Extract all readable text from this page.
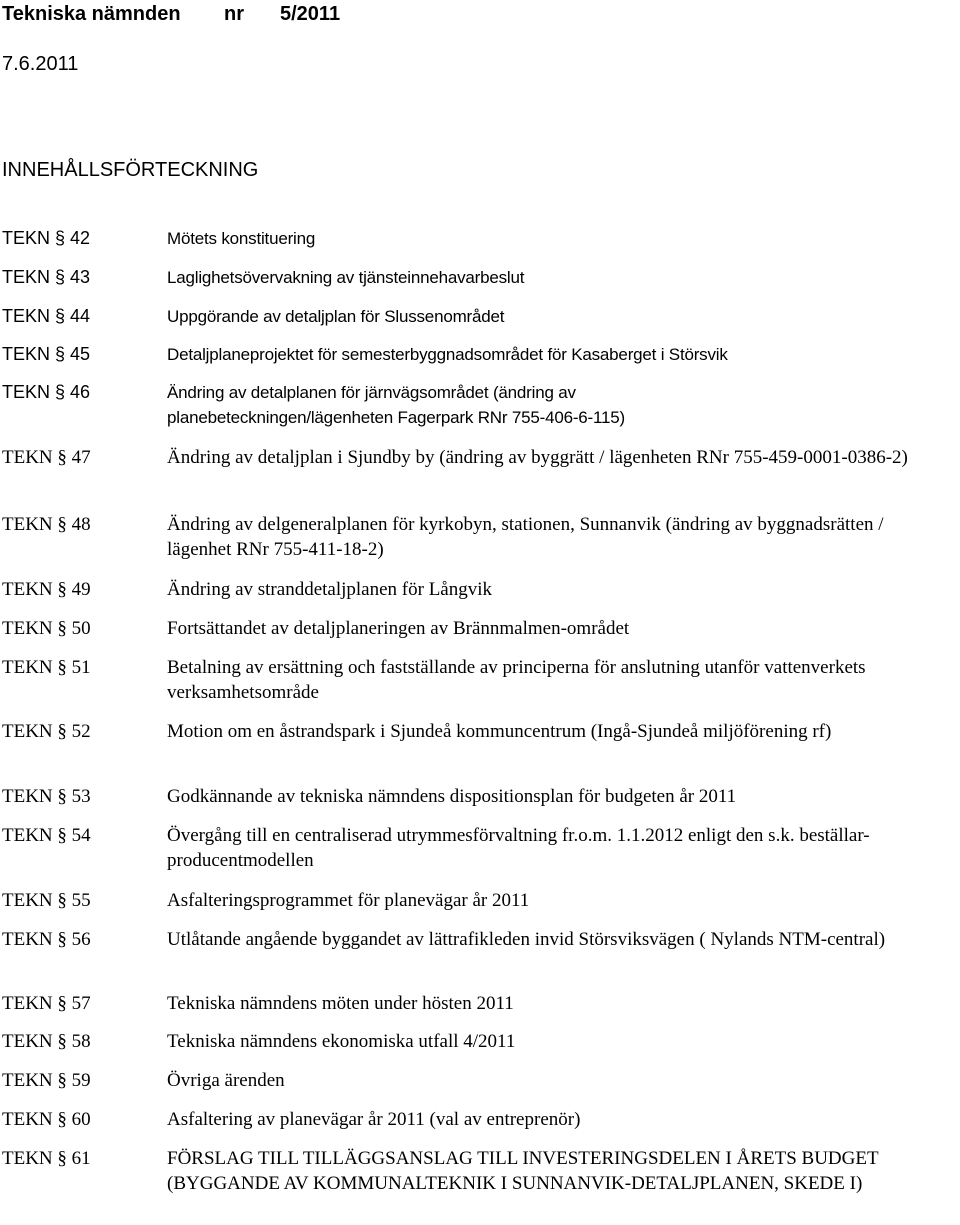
Tekniska nämnden nr 5/2011
7.6.2011
INNEHÅLLSFÖRTECKNING
TEKN § 42	Mötets konstituering
TEKN § 43	Laglighetsövervakning av tjänsteinnehavarbeslut
TEKN § 44	Uppgörande av detaljplan för Slussenområdet
TEKN § 45	Detaljplaneprojektet för semesterbyggnadsområdet för Kasaberget i Störsvik
TEKN § 46	Ändring av detalplanen för järnvägsområdet (ändring av planebeteckningen/lägenheten Fagerpark RNr 755-406-6-115)
TEKN § 47	Ändring av detaljplan i Sjundby by (ändring av byggrätt / lägenheten RNr 755-459-0001-0386-2)
TEKN § 48	Ändring av delgeneralplanen för kyrkobyn, stationen, Sunnanvik (ändring av byggnadsrätten / lägenhet RNr 755-411-18-2)
TEKN § 49	Ändring av stranddetaljplanen för Långvik
TEKN § 50	Fortsättandet av detaljplaneringen av Brännmalmen-området
TEKN § 51	Betalning av ersättning och fastställande av principerna för anslutning utanför vattenverkets verksamhetsområde
TEKN § 52	Motion om en åstrandspark i Sjundeå kommuncentrum (Ingå-Sjundeå miljöförening rf)
TEKN § 53	Godkännande av tekniska nämndens dispositionsplan för budgeten år 2011
TEKN § 54	Övergång till en centraliserad utrymmesförvaltning fr.o.m. 1.1.2012 enligt den s.k. beställar-producentmodellen
TEKN § 55	Asfalteringsprogrammet för planevägar år 2011
TEKN § 56	Utlåtande angående byggandet av lättrafikleden invid Störsviksvägen ( Nylands NTM-central)
TEKN § 57	Tekniska nämndens möten under hösten 2011
TEKN § 58	Tekniska nämndens ekonomiska utfall 4/2011
TEKN § 59	Övriga ärenden
TEKN § 60	Asfaltering av planevägar år 2011 (val av entreprenör)
TEKN § 61	FÖRSLAG TILL TILLÄGGSANSLAG TILL INVESTERINGSDELEN I ÅRETS BUDGET (BYGGANDE AV KOMMUNALTEKNIK I SUNNANVIK-DETALJPLANEN, SKEDE I)
